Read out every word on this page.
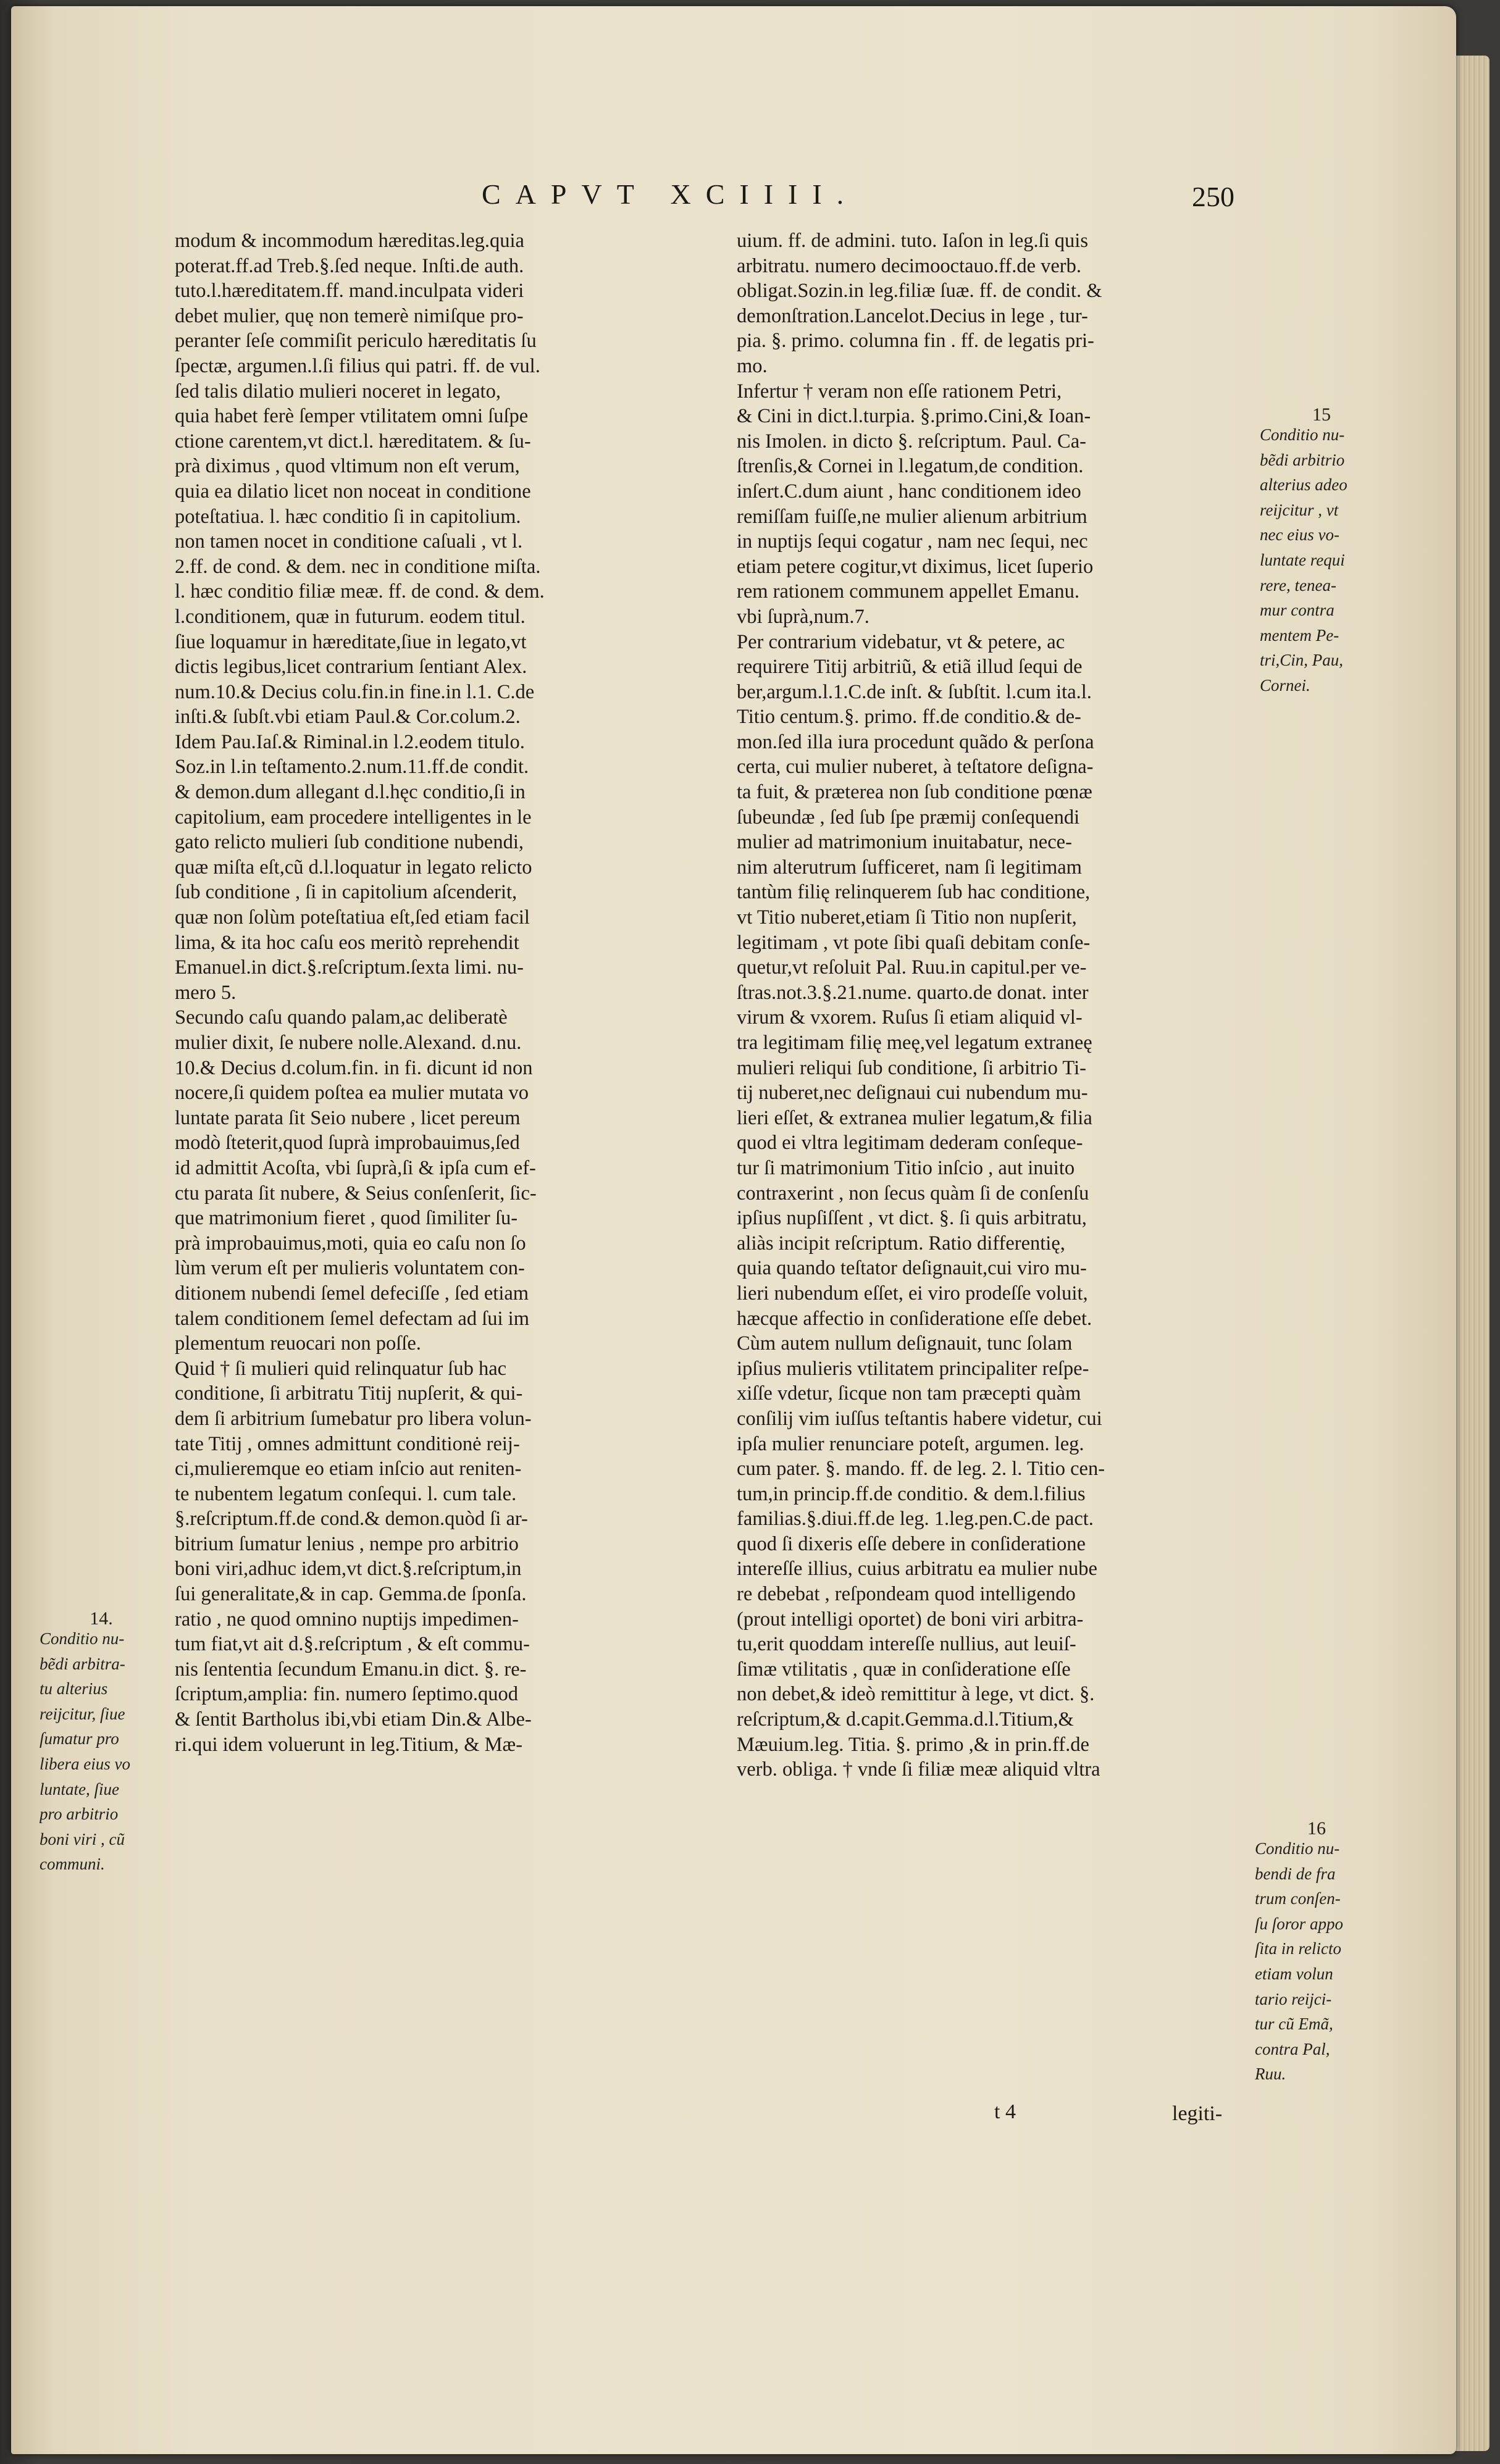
CAPVT XCIIII.	250
modum & incommodum hæreditas.leg.quia
poterat.ff.ad Treb.§.ſed neque. Inſti.de auth.
tuto.l.hæreditatem.ff. mand.inculpata videri
debet mulier, quę non temerè nimiſque pro-
peranter ſeſe commiſit periculo hæreditatis ſu
ſpectæ, argumen.l.ſi filius qui patri. ff. de vul.
ſed talis dilatio mulieri noceret in legato,
quia habet ferè ſemper vtilitatem omni ſuſpe
ctione carentem,vt dict.l. hæreditatem. & ſu-
prà diximus , quod vltimum non eſt verum,
quia ea dilatio licet non noceat in conditione
poteſtatiua. l. hæc conditio ſi in capitolium.
non tamen nocet in conditione caſuali , vt l.
2.ff. de cond. & dem. nec in conditione miſta.
l. hæc conditio filiæ meæ. ff. de cond. & dem.
l.conditionem, quæ in futurum. eodem titul.
ſiue loquamur in hæreditate,ſiue in legato,vt
dictis legibus,licet contrarium ſentiant Alex.
num.10.& Decius colu.fin.in fine.in l.1. C.de
inſti.& ſubſt.vbi etiam Paul.& Cor.colum.2.
Idem Pau.Iaſ.& Riminal.in l.2.eodem titulo.
Soz.in l.in teſtamento.2.num.11.ff.de condit.
& demon.dum allegant d.l.hęc conditio,ſi in
capitolium, eam procedere intelligentes in le
gato relicto mulieri ſub conditione nubendi,
quæ miſta eſt,cũ d.l.loquatur in legato relicto
ſub conditione , ſi in capitolium aſcenderit,
quæ non ſolùm poteſtatiua eſt,ſed etiam facil
lima, & ita hoc caſu eos meritò reprehendit
Emanuel.in dict.§.reſcriptum.ſexta limi. nu-
mero 5.
Secundo caſu quando palam,ac deliberatè
mulier dixit, ſe nubere nolle.Alexand. d.nu.
10.& Decius d.colum.fin. in fi. dicunt id non
nocere,ſi quidem poſtea ea mulier mutata vo
luntate parata ſit Seio nubere , licet pereum
modò ſteterit,quod ſuprà improbauimus,ſed
id admittit Acoſta, vbi ſuprà,ſi & ipſa cum ef-
ctu parata ſit nubere, & Seius conſenſerit, ſic-
que matrimonium fieret , quod ſimiliter ſu-
prà improbauimus,moti, quia eo caſu non ſo
lùm verum eſt per mulieris voluntatem con-
ditionem nubendi ſemel defeciſſe , ſed etiam
talem conditionem ſemel defectam ad ſui im
plementum reuocari non poſſe.
Quid † ſi mulieri quid relinquatur ſub hac
conditione, ſi arbitratu Titij nupſerit, & qui-
dem ſi arbitrium ſumebatur pro libera volun-
tate Titij , omnes admittunt conditionė reij-
ci,mulieremque eo etiam inſcio aut reniten-
te nubentem legatum conſequi. l. cum tale.
§.reſcriptum.ff.de cond.& demon.quòd ſi ar-
bitrium ſumatur lenius , nempe pro arbitrio
boni viri,adhuc idem,vt dict.§.reſcriptum,in
ſui generalitate,& in cap. Gemma.de ſponſa.
ratio , ne quod omnino nuptijs impedimen-
tum fiat,vt ait d.§.reſcriptum , & eſt commu-
nis ſententia ſecundum Emanu.in dict. §. re-
ſcriptum,amplia: fin. numero ſeptimo.quod
& ſentit Bartholus ibi,vbi etiam Din.& Albe-
ri.qui idem voluerunt in leg.Titium, & Mæ-
uium. ff. de admini. tuto. Iaſon in leg.ſi quis
arbitratu. numero decimooctauo.ff.de verb.
obligat.Sozin.in leg.filiæ ſuæ. ff. de condit. &
demonſtration.Lancelot.Decius in lege , tur-
pia. §. primo. columna fin . ff. de legatis pri-
mo.
Infertur † veram non eſſe rationem Petri,
& Cini in dict.l.turpia. §.primo.Cini,& Ioan-
nis Imolen. in dicto §. reſcriptum. Paul. Ca-
ſtrenſis,& Cornei in l.legatum,de condition.
inſert.C.dum aiunt , hanc conditionem ideo
remiſſam fuiſſe,ne mulier alienum arbitrium
in nuptijs ſequi cogatur , nam nec ſequi, nec
etiam petere cogitur,vt diximus, licet ſuperio
rem rationem communem appellet Emanu.
vbi ſuprà,num.7.
Per contrarium videbatur, vt & petere, ac
requirere Titij arbitriũ, & etiã illud ſequi de
ber,argum.l.1.C.de inſt. & ſubſtit. l.cum ita.l.
Titio centum.§. primo. ff.de conditio.& de-
mon.ſed illa iura procedunt quãdo & perſona
certa, cui mulier nuberet, à teſtatore deſigna-
ta fuit, & præterea non ſub conditione pœnæ
ſubeundæ , ſed ſub ſpe præmij conſequendi
mulier ad matrimonium inuitabatur, nece-
nim alterutrum ſufficeret, nam ſi legitimam
tantùm filię relinquerem ſub hac conditione,
vt Titio nuberet,etiam ſi Titio non nupſerit,
legitimam , vt pote ſibi quaſi debitam conſe-
quetur,vt reſoluit Pal. Ruu.in capitul.per ve-
ſtras.not.3.§.21.nume. quarto.de donat. inter
virum & vxorem. Ruſus ſi etiam aliquid vl-
tra legitimam filię meę,vel legatum extraneę
mulieri reliqui ſub conditione, ſi arbitrio Ti-
tij nuberet,nec deſignaui cui nubendum mu-
lieri eſſet, & extranea mulier legatum,& filia
quod ei vltra legitimam dederam conſeque-
tur ſi matrimonium Titio inſcio , aut inuito
contraxerint , non ſecus quàm ſi de conſenſu
ipſius nupſiſſent , vt dict. §. ſi quis arbitratu,
aliàs incipit reſcriptum. Ratio differentię,
quia quando teſtator deſignauit,cui viro mu-
lieri nubendum eſſet, ei viro prodeſſe voluit,
hæcque affectio in conſideratione eſſe debet.
Cùm autem nullum deſignauit, tunc ſolam
ipſius mulieris vtilitatem principaliter reſpe-
xiſſe vdetur, ſicque non tam præcepti quàm
conſilij vim iuſſus teſtantis habere videtur, cui
ipſa mulier renunciare poteſt, argumen. leg.
cum pater. §. mando. ff. de leg. 2. l. Titio cen-
tum,in princip.ff.de conditio. & dem.l.filius
familias.§.diui.ff.de leg. 1.leg.pen.C.de pact.
quod ſi dixeris eſſe debere in conſideratione
intereſſe illius, cuius arbitratu ea mulier nube
re debebat , reſpondeam quod intelligendo
(prout intelligi oportet) de boni viri arbitra-
tu,erit quoddam intereſſe nullius, aut leuiſ-
ſimæ vtilitatis , quæ in conſideratione eſſe
non debet,& ideò remittitur à lege, vt dict. §.
reſcriptum,& d.capit.Gemma.d.l.Titium,&
Mæuium.leg. Titia. §. primo ,& in prin.ff.de
verb. obliga. † vnde ſi filiæ meæ aliquid vltra
15
Conditio nu-
bẽdi arbitrio
alterius adeo
reijcitur , vt
nec eius vo-
luntate requi
rere, tenea-
mur contra
mentem Pe-
tri,Cin, Pau,
Cornei.
16
Conditio nu-
bendi de fra
trum conſen-
ſu ſoror appo
ſita in relicto
etiam volun
tario reijci-
tur cũ Emã,
contra Pal,
Ruu.
14.
Conditio nu-
bẽdi arbitra-
tu alterius
reijcitur, ſiue
ſumatur pro
libera eius vo
luntate, ſiue
pro arbitrio
boni viri , cũ
communi.
t 4	legiti-
